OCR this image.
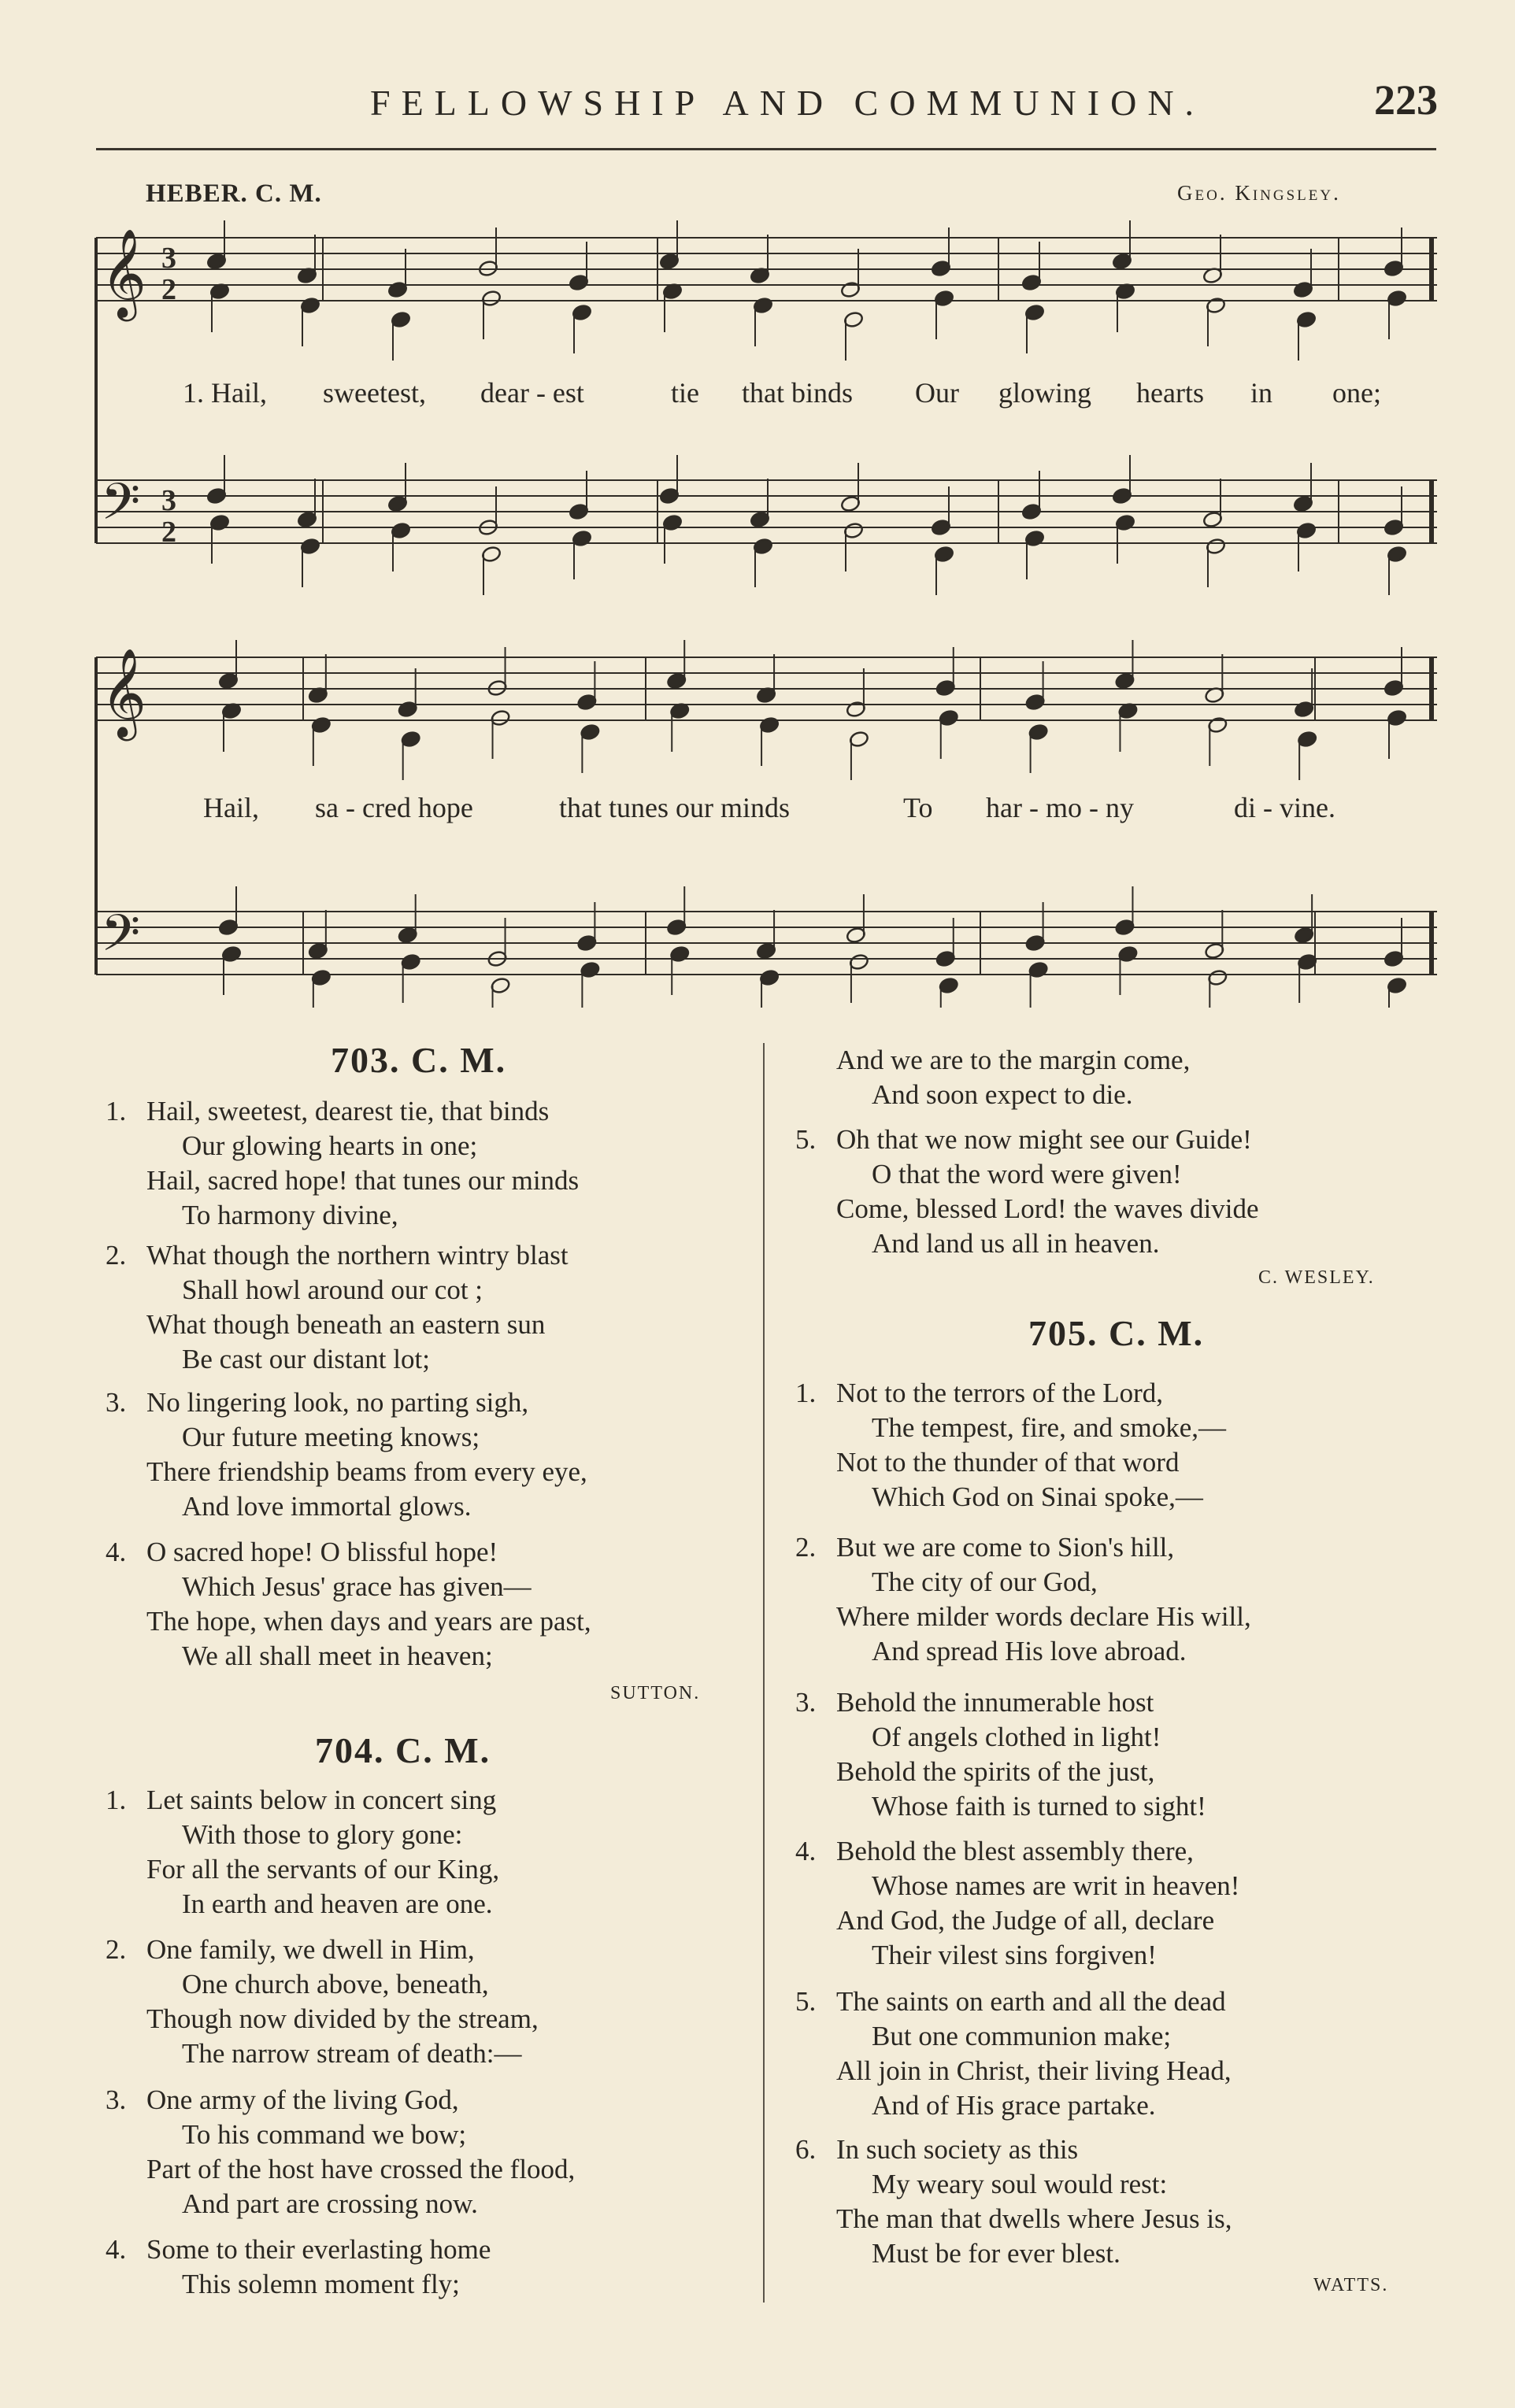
FELLOWSHIP AND COMMUNION.	223
HEBER. C. M.	Geo. Kingsley.
𝄞
𝄢
3
2
3
2
𝄞
𝄢
1. Hail, sweetest, dear - est	tie that binds Our glowing hearts in one;
Hail, sa - cred hope	that tunes our minds	To har - mo - ny	di - vine.
703. C. M.
1. Hail, sweetest, dearest tie, that binds
Our glowing hearts in one;
Hail, sacred hope! that tunes our minds
To harmony divine,
2. What though the northern wintry blast
Shall howl around our cot ;
What though beneath an eastern sun
Be cast our distant lot;
3. No lingering look, no parting sigh,
Our future meeting knows;
There friendship beams from every eye,
And love immortal glows.
4. O sacred hope! O blissful hope!
Which Jesus' grace has given—
The hope, when days and years are past,
We all shall meet in heaven;
SUTTON.
704. C. M.
1. Let saints below in concert sing
With those to glory gone:
For all the servants of our King,
In earth and heaven are one.
2. One family, we dwell in Him,
One church above, beneath,
Though now divided by the stream,
The narrow stream of death:—
3. One army of the living God,
To his command we bow;
Part of the host have crossed the flood,
And part are crossing now.
4. Some to their everlasting home
This solemn moment fly;
And we are to the margin come,
And soon expect to die.
5. Oh that we now might see our Guide!
O that the word were given!
Come, blessed Lord! the waves divide
And land us all in heaven.
C. WESLEY.
705. C. M.
1. Not to the terrors of the Lord,
The tempest, fire, and smoke,—
Not to the thunder of that word
Which God on Sinai spoke,—
2. But we are come to Sion's hill,
The city of our God,
Where milder words declare His will,
And spread His love abroad.
3. Behold the innumerable host
Of angels clothed in light!
Behold the spirits of the just,
Whose faith is turned to sight!
4. Behold the blest assembly there,
Whose names are writ in heaven!
And God, the Judge of all, declare
Their vilest sins forgiven!
5. The saints on earth and all the dead
But one communion make;
All join in Christ, their living Head,
And of His grace partake.
6. In such society as this
My weary soul would rest:
The man that dwells where Jesus is,
Must be for ever blest.
WATTS.
